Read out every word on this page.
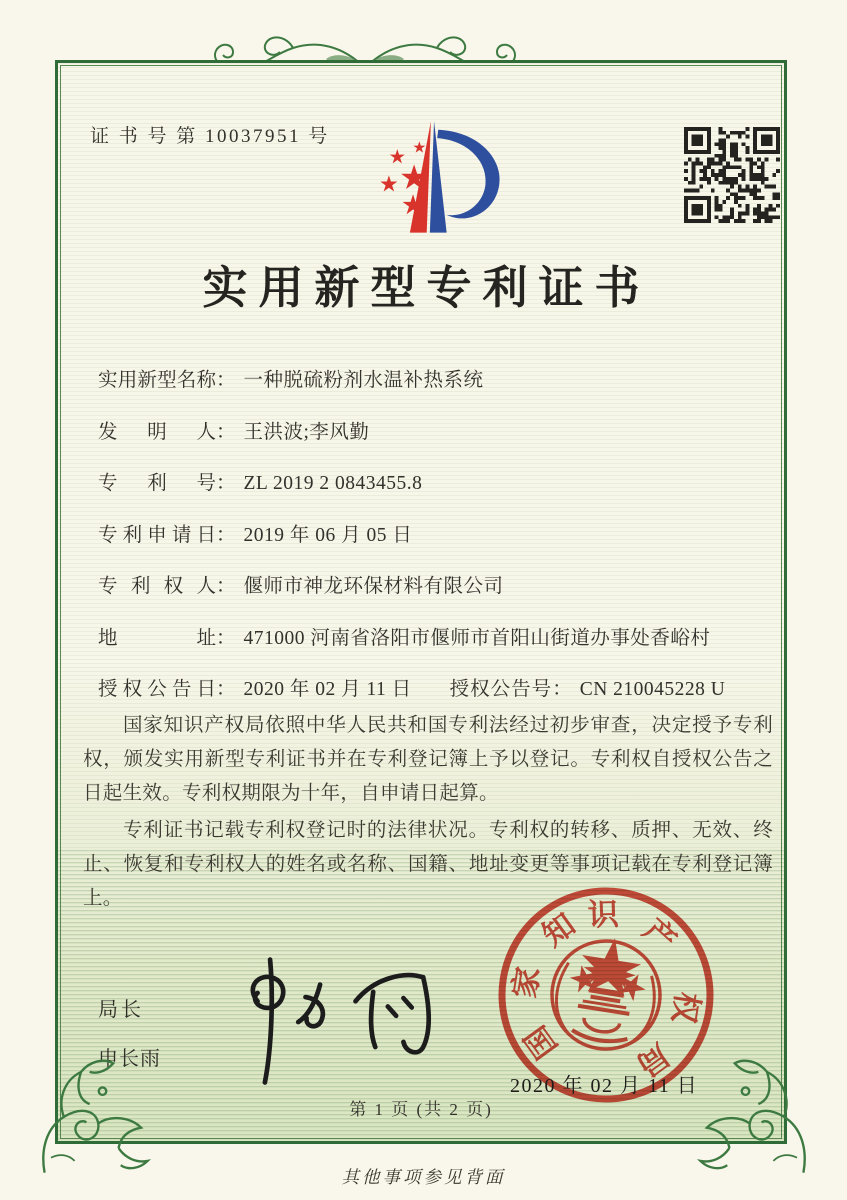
证 书 号 第 10037951 号
实用新型专利证书
实用新型名称 ： 一种脱硫粉剂水温补热系统
发明人 ： 王洪波;李风勤
专利号 ： ZL 2019 2 0843455.8
专利申请日 ： 2019 年 06 月 05 日
专利权人 ： 偃师市神龙环保材料有限公司
地址 ： 471000 河南省洛阳市偃师市首阳山街道办事处香峪村
授权公告日 ： 2020 年 02 月 11 日 授权公告号 ： CN 210045228 U

国家知识产权局依照中华人民共和国专利法经过初步审查，决定授予专利权，颁发实用新型专利证书并在专利登记簿上予以登记。专利权自授权公告之日起生效。专利权期限为十年，自申请日起算。

专利证书记载专利权登记时的法律状况。专利权的转移、质押、无效、终止、恢复和专利权人的姓名或名称、国籍、地址变更等事项记载在专利登记簿上。

局长
申长雨	国
家
知 识 产
权
局
2020 年 02 月 11 日
第 1 页 (共 2 页)
其他事项参见背面
